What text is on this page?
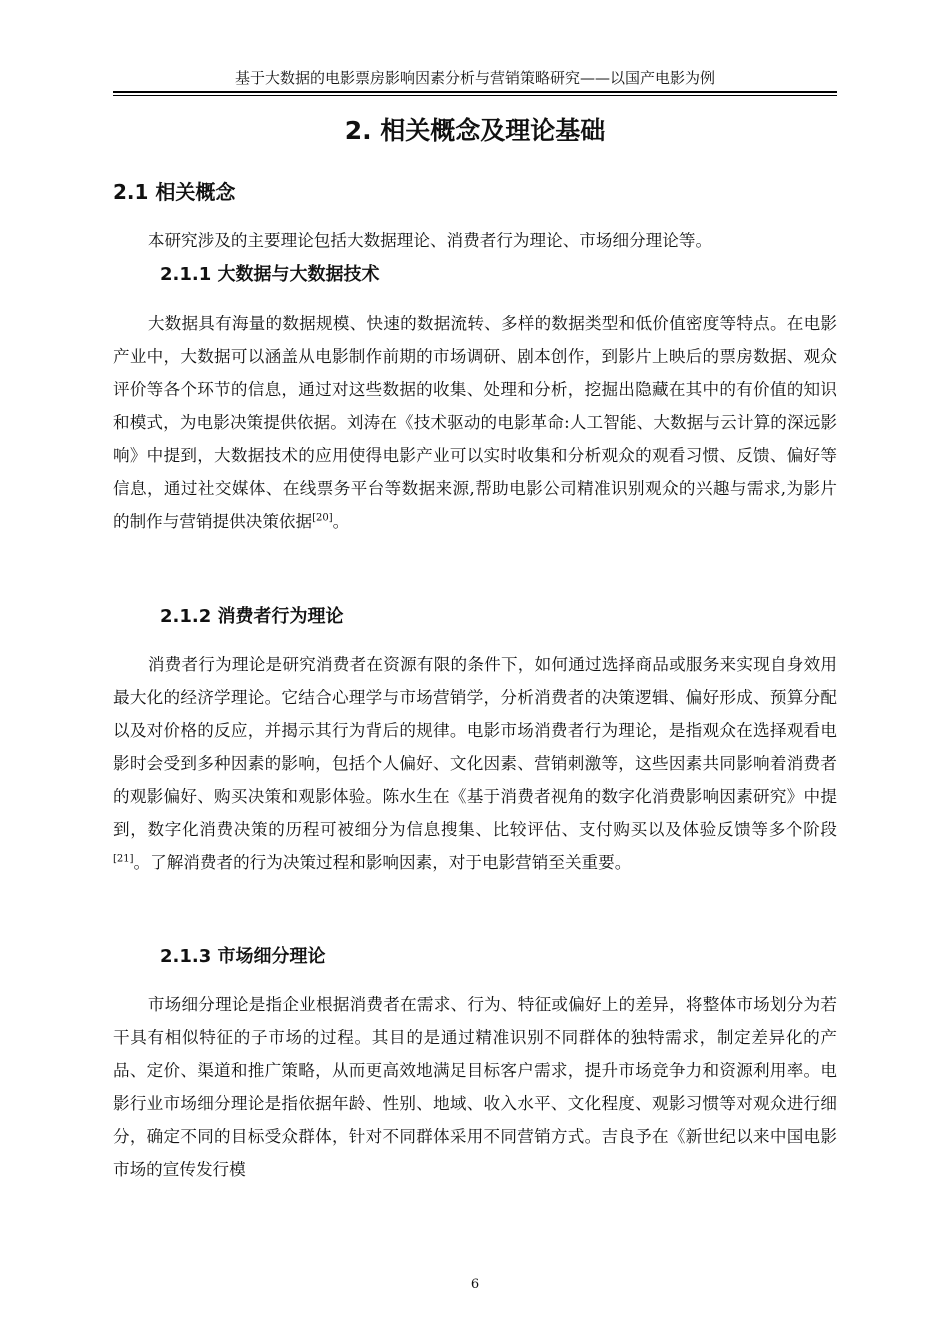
基于大数据的电影票房影响因素分析与营销策略研究——以国产电影为例
2. 相关概念及理论基础
2.1 相关概念

本研究涉及的主要理论包括大数据理论、消费者行为理论、市场细分理论等。

2.1.1 大数据与大数据技术

大数据具有海量的数据规模、快速的数据流转、多样的数据类型和低价值密度等特点。在电影产业中，大数据可以涵盖从电影制作前期的市场调研、剧本创作，到影片上映后的票房数据、观众评价等各个环节的信息，通过对这些数据的收集、处理和分析，挖掘出隐藏在其中的有价值的知识和模式，为电影决策提供依据。刘涛在《技术驱动的电影革命:人工智能、大数据与云计算的深远影响》中提到，大数据技术的应用使得电影产业可以实时收集和分析观众的观看习惯、反馈、偏好等信息，通过社交媒体、在线票务平台等数据来源,帮助电影公司精准识别观众的兴趣与需求,为影片的制作与营销提供决策依据[20]。

2.1.2 消费者行为理论

消费者行为理论是研究消费者在资源有限的条件下，如何通过选择商品或服务来实现自身效用最大化的经济学理论。它结合心理学与市场营销学，分析消费者的决策逻辑、偏好形成、预算分配以及对价格的反应，并揭示其行为背后的规律。电影市场消费者行为理论，是指观众在选择观看电影时会受到多种因素的影响，包括个人偏好、文化因素、营销刺激等，这些因素共同影响着消费者的观影偏好、购买决策和观影体验。陈水生在《基于消费者视角的数字化消费影响因素研究》中提到，数字化消费决策的历程可被细分为信息搜集、比较评估、支付购买以及体验反馈等多个阶段[21]。了解消费者的行为决策过程和影响因素，对于电影营销至关重要。

2.1.3 市场细分理论

市场细分理论是指企业根据消费者在需求、行为、特征或偏好上的差异，将整体市场划分为若干具有相似特征的子市场的过程。其目的是通过精准识别不同群体的独特需求，制定差异化的产品、定价、渠道和推广策略，从而更高效地满足目标客户需求，提升市场竞争力和资源利用率。电影行业市场细分理论是指依据年龄、性别、地域、收入水平、文化程度、观影习惯等对观众进行细分，确定不同的目标受众群体，针对不同群体采用不同营销方式。吉良予在《新世纪以来中国电影市场的宣传发行模

6
